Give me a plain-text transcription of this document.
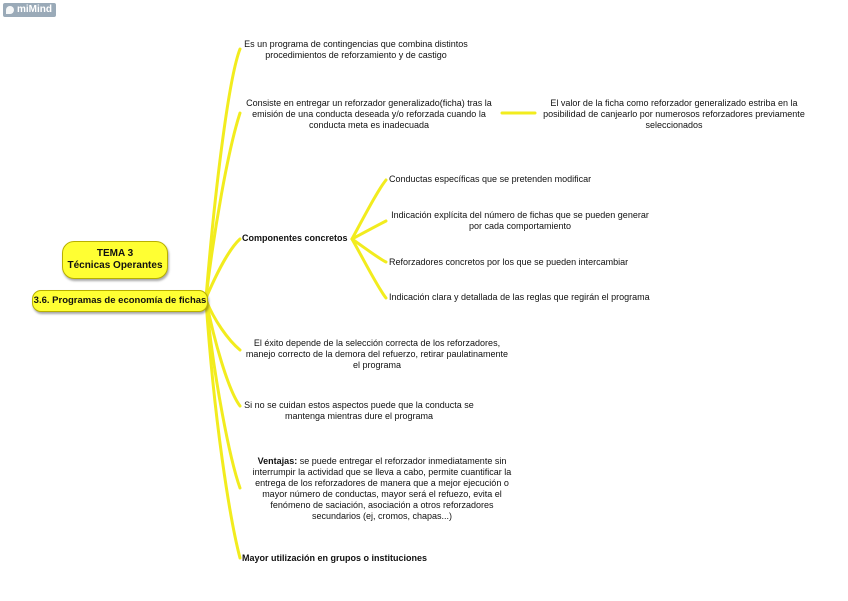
miMind
TEMA 3
Técnicas Operantes
3.6. Programas de economía de fichas
Es un programa de contingencias que combina distintos procedimientos de reforzamiento y de castigo
Consiste en entregar un reforzador generalizado(ficha) tras la emisión de una conducta deseada y/o reforzada cuando la conducta meta es inadecuada
El valor de la ficha como reforzador generalizado estriba en la posibilidad de canjearlo por numerosos reforzadores previamente seleccionados
Componentes concretos
Conductas específicas que se pretenden modificar
Indicación explícita del número de fichas que se pueden generar por cada comportamiento
Reforzadores concretos por los que se pueden intercambiar
Indicación clara y detallada de las reglas que regirán el programa
El éxito depende de la selección correcta de los reforzadores, manejo correcto de la demora del refuerzo, retirar paulatinamente el programa
Si no se cuidan estos aspectos puede que la conducta se mantenga mientras dure el programa
Ventajas: se puede entregar el reforzador inmediatamente sin interrumpir la actividad que se lleva a cabo, permite cuantificar la entrega de los reforzadores de manera que a mejor ejecución o mayor número de conductas, mayor será el refuezo, evita el fenómeno de saciación, asociación a otros reforzadores secundarios (ej, cromos, chapas...)
Mayor utilización en grupos o instituciones
